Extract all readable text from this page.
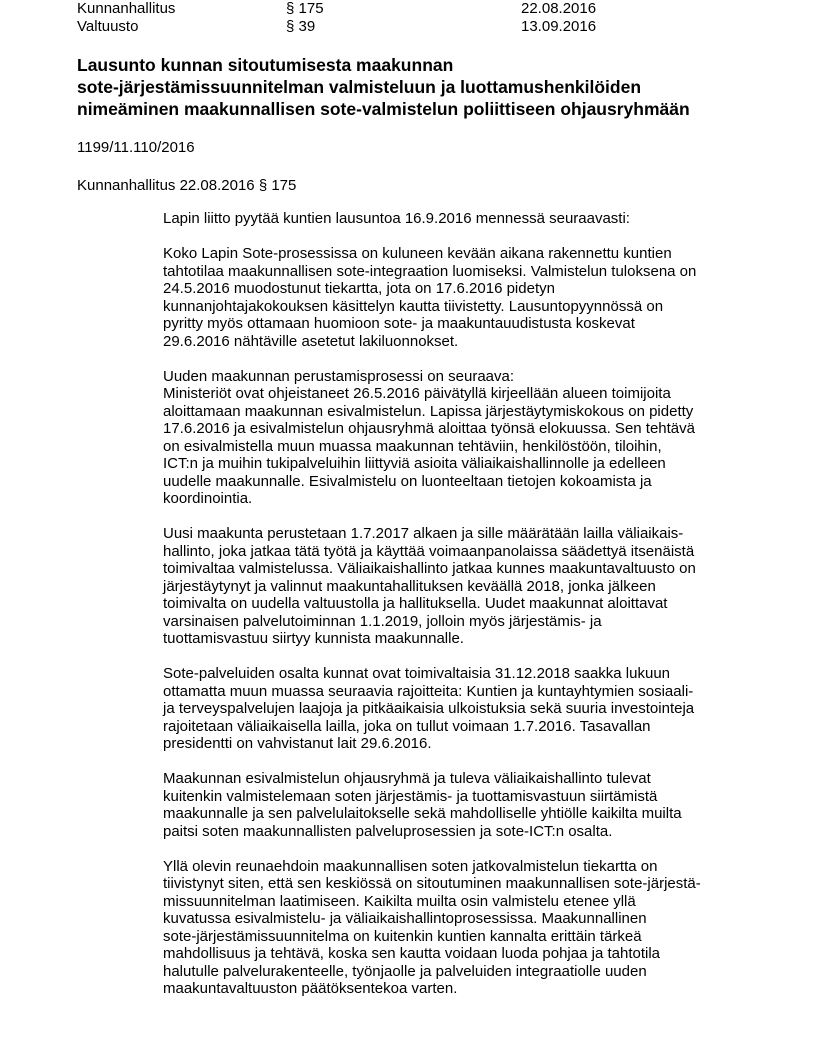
Kunnanhallitus	§ 175	22.08.2016
Valtuusto	§ 39	13.09.2016
Lausunto kunnan sitoutumisesta maakunnan
sote-järjestämissuunnitelman valmisteluun ja luottamushenkilöiden
nimeäminen maakunnallisen sote-valmistelun poliittiseen ohjausryhmään
1199/11.110/2016
Kunnanhallitus 22.08.2016 § 175
Lapin liitto pyytää kuntien lausuntoa 16.9.2016 mennessä seuraavasti:
Koko Lapin Sote-prosessissa on kuluneen kevään aikana rakennettu kuntien
tahtotilaa maakunnallisen sote-integraation luomiseksi. Valmistelun tuloksena on
24.5.2016 muodostunut tiekartta, jota on 17.6.2016 pidetyn
kunnanjohtajakokouksen käsittelyn kautta tiivistetty. Lausuntopyynnössä on
pyritty myös ottamaan huomioon sote- ja maakuntauudistusta koskevat
29.6.2016 nähtäville asetetut lakiluonnokset.
Uuden maakunnan perustamisprosessi on seuraava:
Ministeriöt ovat ohjeistaneet 26.5.2016 päivätyllä kirjeellään alueen toimijoita
aloittamaan maakunnan esivalmistelun. Lapissa järjestäytymiskokous on pidetty
17.6.2016 ja esivalmistelun ohjausryhmä aloittaa työnsä elokuussa. Sen tehtävä
on esivalmistella muun muassa maakunnan tehtäviin, henkilöstöön, tiloihin,
ICT:n ja muihin tukipalveluihin liittyviä asioita väliaikaishallinnolle ja edelleen
uudelle maakunnalle. Esivalmistelu on luonteeltaan tietojen kokoamista ja
koordinointia.
Uusi maakunta perustetaan 1.7.2017 alkaen ja sille määrätään lailla väliaikais-
hallinto, joka jatkaa tätä työtä ja käyttää voimaanpanolaissa säädettyä itsenäistä
toimivaltaa valmistelussa. Väliaikaishallinto jatkaa kunnes maakuntavaltuusto on
järjestäytynyt ja valinnut maakuntahallituksen keväällä 2018, jonka jälkeen
toimivalta on uudella valtuustolla ja hallituksella. Uudet maakunnat aloittavat
varsinaisen palvelutoiminnan 1.1.2019, jolloin myös järjestämis- ja
tuottamisvastuu siirtyy kunnista maakunnalle.
Sote-palveluiden osalta kunnat ovat toimivaltaisia 31.12.2018 saakka lukuun
ottamatta muun muassa seuraavia rajoitteita: Kuntien ja kuntayhtymien sosiaali-
ja terveyspalvelujen laajoja ja pitkäaikaisia ulkoistuksia sekä suuria investointeja
rajoitetaan väliaikaisella lailla, joka on tullut voimaan 1.7.2016. Tasavallan
presidentti on vahvistanut lait 29.6.2016.
Maakunnan esivalmistelun ohjausryhmä ja tuleva väliaikaishallinto tulevat
kuitenkin valmistelemaan soten järjestämis- ja tuottamisvastuun siirtämistä
maakunnalle ja sen palvelulaitokselle sekä mahdolliselle yhtiölle kaikilta muilta
paitsi soten maakunnallisten palveluprosessien ja sote-ICT:n osalta.
Yllä olevin reunaehdoin maakunnallisen soten jatkovalmistelun tiekartta on
tiivistynyt siten, että sen keskiössä on sitoutuminen maakunnallisen sote-järjestä-
missuunnitelman laatimiseen. Kaikilta muilta osin valmistelu etenee yllä
kuvatussa esivalmistelu- ja väliaikaishallintoprosessissa. Maakunnallinen
sote-järjestämissuunnitelma on kuitenkin kuntien kannalta erittäin tärkeä
mahdollisuus ja tehtävä, koska sen kautta voidaan luoda pohjaa ja tahtotila
halutulle palvelurakenteelle, työnjaolle ja palveluiden integraatiolle uuden
maakuntavaltuuston päätöksentekoa varten.
